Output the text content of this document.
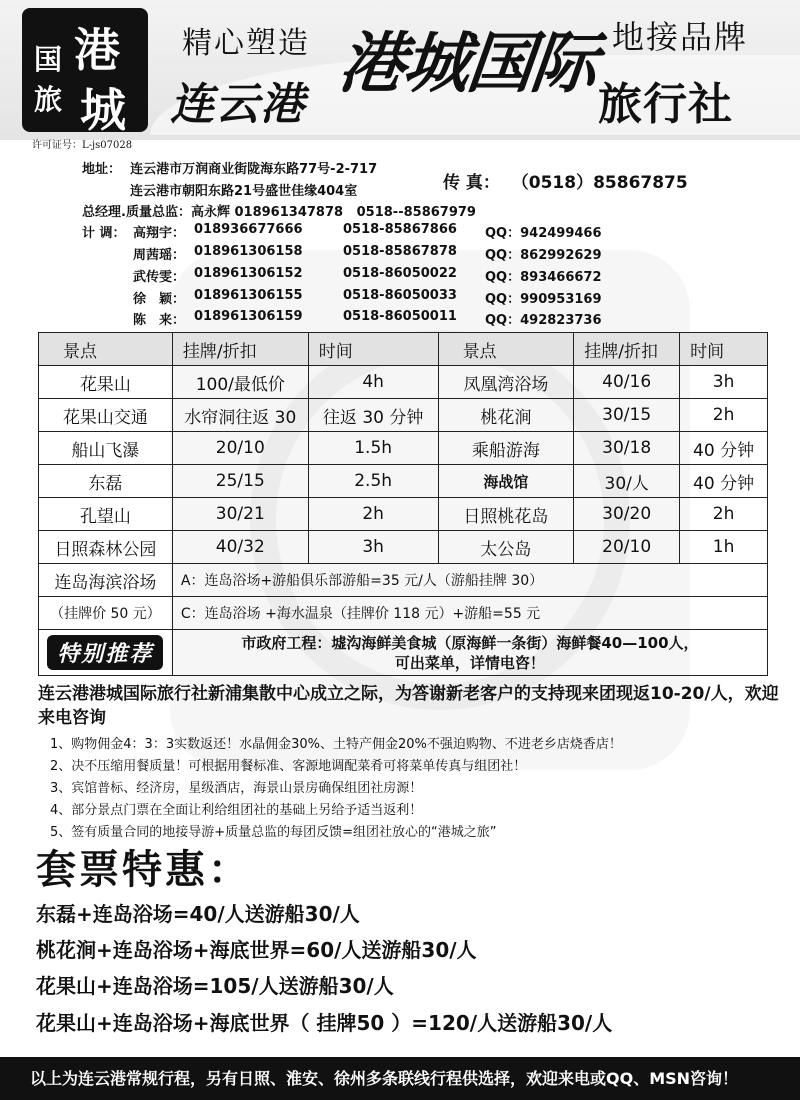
港
城
国
旅
许可证号：L-js07028
精心塑造 港城国际 地接品牌
连云港	旅行社
地址： 连云港市万润商业街陇海东路77号-2-717
连云港市朝阳东路21号盛世佳缘404室	传 真： （0518）85867875
总经理.质量总监：高永辉 018961347878 0518--85867979
计 调： 高翔宇： 018936677666	0518-85867866 QQ：942499466
周茜瑶： 018961306158	0518-85867878 QQ：862992629
武传雯： 018961306152	0518-86050022 QQ：893466672
徐　颖： 018961306155	0518-86050033 QQ：990953169
陈　来： 018961306159	0518-86050011 QQ：492823736
景点	挂牌/折扣	时间	景点	挂牌/折扣	时间
花果山	100/最低价	4h	凤凰湾浴场	40/16	3h
花果山交通	水帘洞往返 30	往返 30 分钟	桃花涧	30/15	2h
船山飞瀑	20/10	1.5h	乘船游海	30/18	40 分钟
东磊	25/15	2.5h	海战馆	30/人	40 分钟
孔望山	30/21	2h	日照桃花岛	30/20	2h
日照森林公园	40/32	3h	太公岛	20/10	1h
连岛海滨浴场	A：连岛浴场+游船俱乐部游船=35 元/人（游船挂牌 30）				
（挂牌价 50 元）	C：连岛浴场 +海水温泉（挂牌价 118 元）+游船=55 元				
特别推荐	市政府工程：墟沟海鲜美食城（原海鲜一条街）海鲜餐40—100人，
可出菜单，详情电咨！				
连云港港城国际旅行社新浦集散中心成立之际，为答谢新老客户的支持现来团现返10-20/人，欢迎来电咨询
1、购物佣金4：3：3实数返还！水晶佣金30%、土特产佣金20%不强迫购物、不进老乡店烧香店！
2、决不压缩用餐质量！可根据用餐标准、客源地调配菜肴可将菜单传真与组团社！
3、宾馆普标、经济房，星级酒店，海景山景房确保组团社房源！
4、部分景点门票在全面让利给组团社的基础上另给予适当返利！
5、签有质量合同的地接导游+质量总监的每团反馈=组团社放心的“港城之旅”
套票特惠：
东磊+连岛浴场=40/人送游船30/人
桃花涧+连岛浴场+海底世界=60/人送游船30/人
花果山+连岛浴场=105/人送游船30/人
花果山+连岛浴场+海底世界（ 挂牌50 ）=120/人送游船30/人
以上为连云港常规行程，另有日照、淮安、徐州多条联线行程供选择，欢迎来电或QQ、MSN咨询！
